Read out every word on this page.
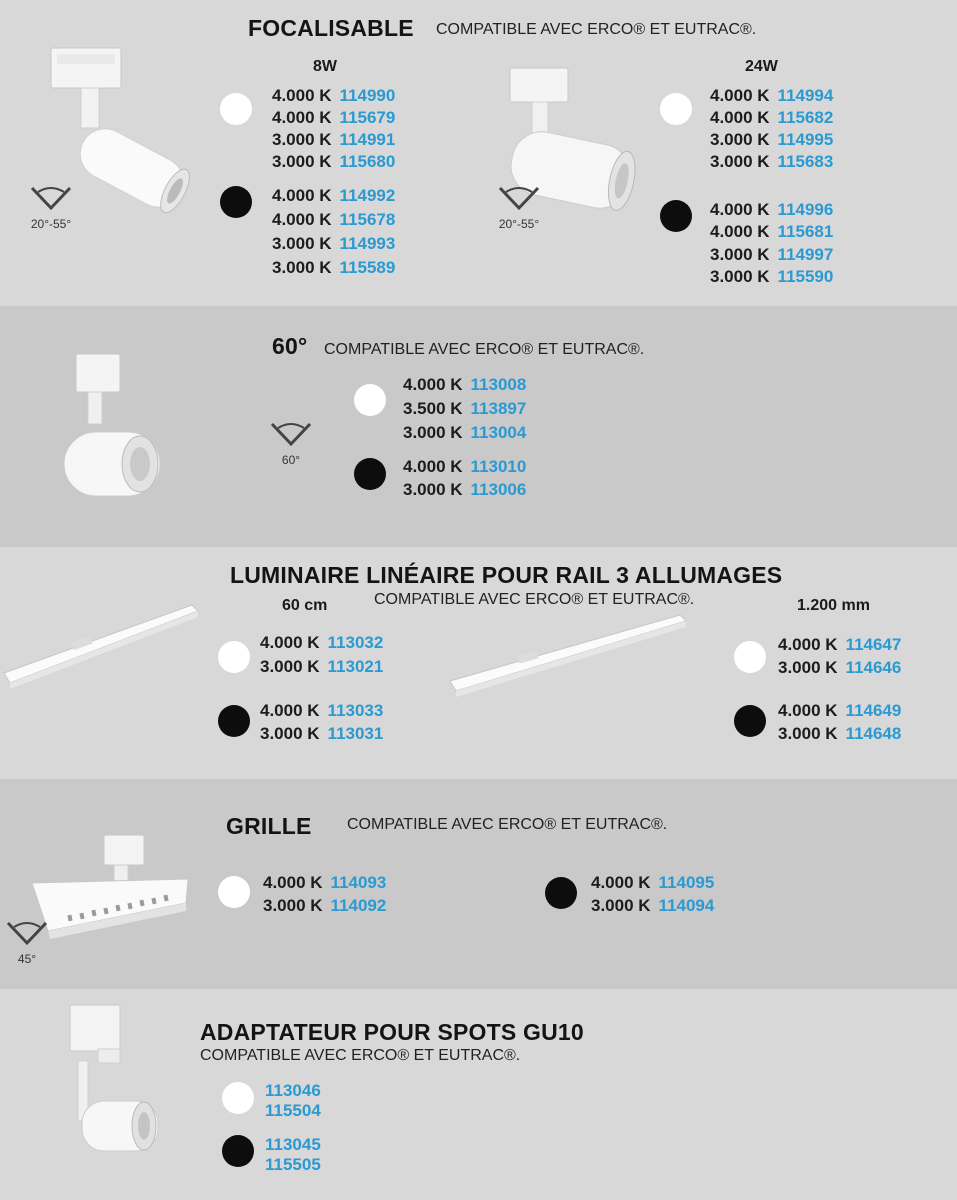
FOCALISABLE COMPATIBLE AVEC ERCO® ET EUTRAC®.
20°-55°
8W
4.000 K 114990
4.000 K 115679
3.000 K 114991
3.000 K 115680
4.000 K 114992
4.000 K 115678
3.000 K 114993
3.000 K 115589
20°-55°
24W
4.000 K 114994
4.000 K 115682
3.000 K 114995
3.000 K 115683
4.000 K 114996
4.000 K 115681
3.000 K 114997
3.000 K 115590
60° COMPATIBLE AVEC ERCO® ET EUTRAC®.
60°
4.000 K 113008
3.500 K 113897
3.000 K 113004
4.000 K 113010
3.000 K 113006
LUMINAIRE LINÉAIRE POUR RAIL 3 ALLUMAGES
COMPATIBLE AVEC ERCO® ET EUTRAC®.
60 cm	1.200 mm
4.000 K 113032
3.000 K 113021
4.000 K 113033
3.000 K 113031
4.000 K 114647
3.000 K 114646
4.000 K 114649
3.000 K 114648
GRILLE COMPATIBLE AVEC ERCO® ET EUTRAC®.
45°
4.000 K 114093
3.000 K 114092
4.000 K 114095
3.000 K 114094
ADAPTATEUR POUR SPOTS GU10
COMPATIBLE AVEC ERCO® ET EUTRAC®.
113046
115504
113045
115505
